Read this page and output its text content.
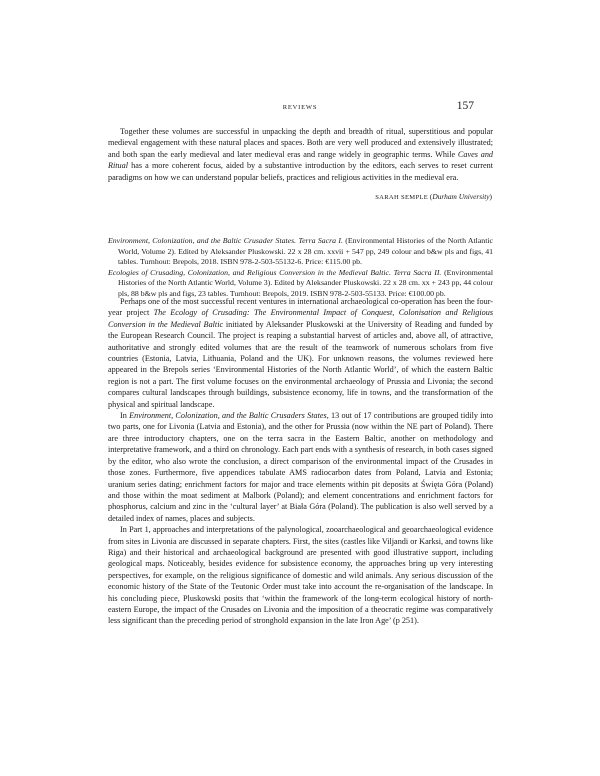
REVIEWS	157

Together these volumes are successful in unpacking the depth and breadth of ritual, superstitious and popular medieval engagement with these natural places and spaces. Both are very well produced and extensively illustrated; and both span the early medieval and later medieval eras and range widely in geographic terms. While Caves and Ritual has a more coherent focus, aided by a substantive introduction by the editors, each serves to reset current paradigms on how we can understand popular beliefs, practices and religious activities in the medieval era.

SARAH SEMPLE (Durham University)

Environment, Colonization, and the Baltic Crusader States. Terra Sacra I. (Environmental Histories of the North Atlantic World, Volume 2). Edited by Aleksander Pluskowski. 22 x 28 cm. xxvii + 547 pp, 249 colour and b&w pls and figs, 41 tables. Turnhout: Brepols, 2018. ISBN 978-2-503-55132-6. Price: €115.00 pb.

Ecologies of Crusading, Colonization, and Religious Conversion in the Medieval Baltic. Terra Sacra II. (Environmental Histories of the North Atlantic World, Volume 3). Edited by Aleksander Pluskowski. 22 x 28 cm. xx + 243 pp, 44 colour pls, 88 b&w pls and figs, 23 tables. Turnhout: Brepols, 2019. ISBN 978-2-503-55133. Price: €100.00 pb.

Perhaps one of the most successful recent ventures in international archaeological co-operation has been the four-year project The Ecology of Crusading: The Environmental Impact of Conquest, Colonisation and Religious Conversion in the Medieval Baltic initiated by Aleksander Pluskowski at the University of Reading and funded by the European Research Council. The project is reaping a substantial harvest of articles and, above all, of attractive, authoritative and strongly edited volumes that are the result of the teamwork of numerous scholars from five countries (Estonia, Latvia, Lithuania, Poland and the UK). For unknown reasons, the volumes reviewed here appeared in the Brepols series ‘Environmental Histories of the North Atlantic World’, of which the eastern Baltic region is not a part. The first volume focuses on the environmental archaeology of Prussia and Livonia; the second compares cultural landscapes through buildings, subsistence economy, life in towns, and the transformation of the physical and spiritual landscape.

In Environment, Colonization, and the Baltic Crusaders States, 13 out of 17 contributions are grouped tidily into two parts, one for Livonia (Latvia and Estonia), and the other for Prussia (now within the NE part of Poland). There are three introductory chapters, one on the terra sacra in the Eastern Baltic, another on methodology and interpretative framework, and a third on chronology. Each part ends with a synthesis of research, in both cases signed by the editor, who also wrote the conclusion, a direct comparison of the environmental impact of the Crusades in those zones. Furthermore, five appendices tabulate AMS radiocarbon dates from Poland, Latvia and Estonia; uranium series dating; enrichment factors for major and trace elements within pit deposits at Święta Góra (Poland) and those within the moat sediment at Malbork (Poland); and element concentrations and enrichment factors for phosphorus, calcium and zinc in the ‘cultural layer’ at Biała Góra (Poland). The publication is also well served by a detailed index of names, places and subjects.

In Part 1, approaches and interpretations of the palynological, zooarchaeological and geoarchaeological evidence from sites in Livonia are discussed in separate chapters. First, the sites (castles like Viljandi or Karksi, and towns like Riga) and their historical and archaeological background are presented with good illustrative support, including geological maps. Noticeably, besides evidence for subsistence economy, the approaches bring up very interesting perspectives, for example, on the religious significance of domestic and wild animals. Any serious discussion of the economic history of the State of the Teutonic Order must take into account the re-organisation of the landscape. In his concluding piece, Pluskowski posits that ‘within the framework of the long-term ecological history of north-eastern Europe, the impact of the Crusades on Livonia and the imposition of a theocratic regime was comparatively less significant than the preceding period of stronghold expansion in the late Iron Age’ (p 251).
